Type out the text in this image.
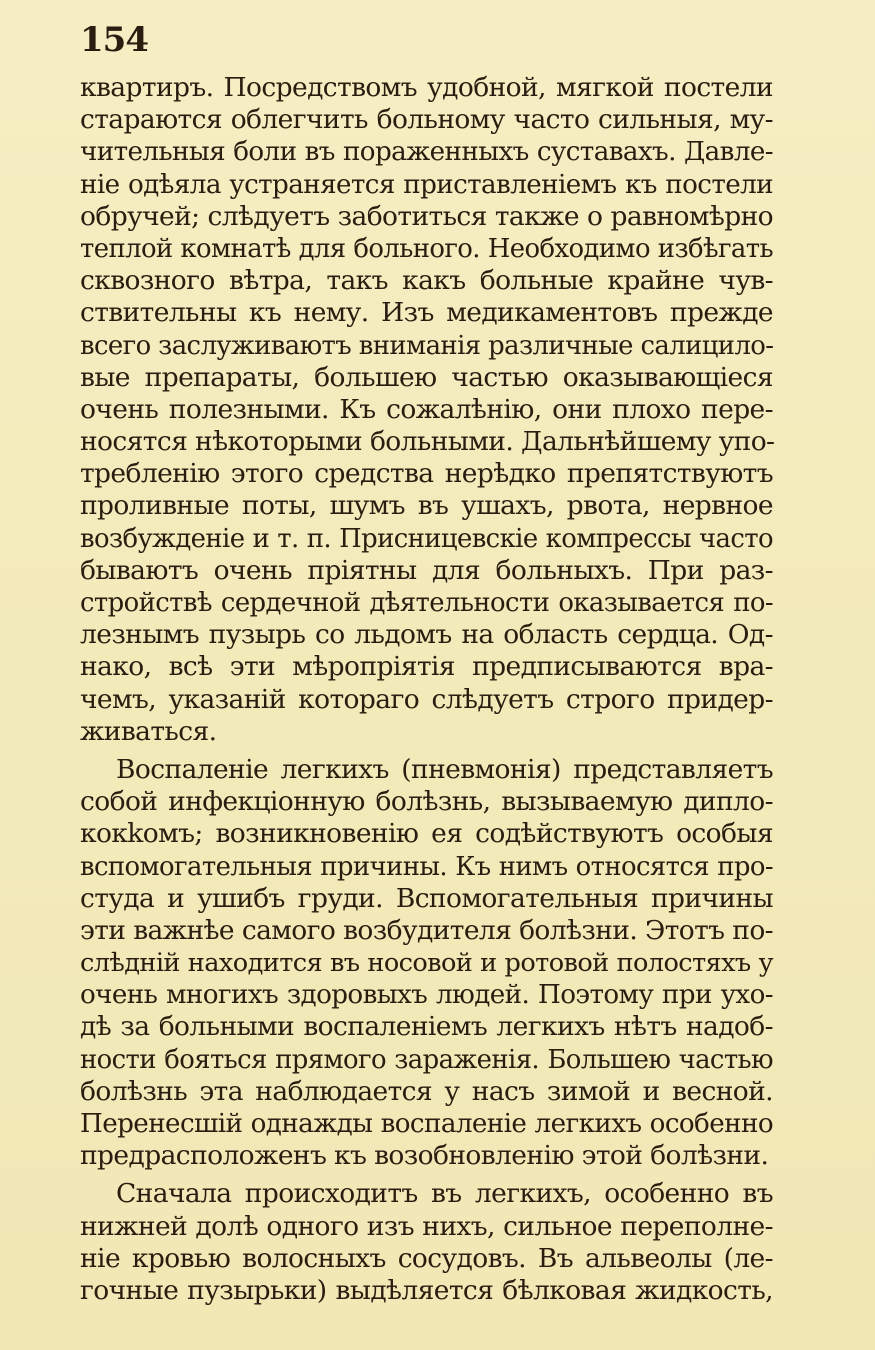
154
квартиръ. Посредствомъ удобной, мягкой постели
стараются облегчить больному часто сильныя, му-
чительныя боли въ пораженныхъ суставахъ. Давле-
ніе одѣяла устраняется приставленіемъ къ постели
обручей; слѣдуетъ заботиться также о равномѣрно
теплой комнатѣ для больного. Необходимо избѣгать
сквозного вѣтра, такъ какъ больные крайне чув-
ствительны къ нему. Изъ медикаментовъ прежде
всего заслуживаютъ вниманія различные салицило-
вые препараты, большею частью оказывающіеся
очень полезными. Къ сожалѣнію, они плохо пере-
носятся нѣкоторыми больными. Дальнѣйшему упо-
требленію этого средства нерѣдко препятствуютъ
проливные поты, шумъ въ ушахъ, рвота, нервное
возбужденіе и т. п. Присницевскіе компрессы часто
бываютъ очень пріятны для больныхъ. При раз-
стройствѣ сердечной дѣятельности оказывается по-
лезнымъ пузырь со льдомъ на область сердца. Од-
нако, всѣ эти мѣропріятія предписываются вра-
чемъ, указаній котораго слѣдуетъ строго придер-
живаться.
Воспаленіе легкихъ (пневмонія) представляетъ
собой инфекціонную болѣзнь, вызываемую дипло-
кокkомъ; возникновенію ея содѣйствуютъ особыя
вспомогательныя причины. Къ нимъ относятся про-
студа и ушибъ груди. Вспомогательныя причины
эти важнѣе самого возбудителя болѣзни. Этотъ по-
слѣдній находится въ носовой и ротовой полостяхъ у
очень многихъ здоровыхъ людей. Поэтому при ухо-
дѣ за больными воспаленіемъ легкихъ нѣтъ надоб-
ности бояться прямого зараженія. Большею частью
болѣзнь эта наблюдается у насъ зимой и весной.
Перенесшій однажды воспаленіе легкихъ особенно
предрасположенъ къ возобновленію этой болѣзни.
Сначала происходитъ въ легкихъ, особенно въ
нижней долѣ одного изъ нихъ, сильное переполне-
ніе кровью волосныхъ сосудовъ. Въ альвеолы (ле-
гочные пузырьки) выдѣляется бѣлковая жидкость,
